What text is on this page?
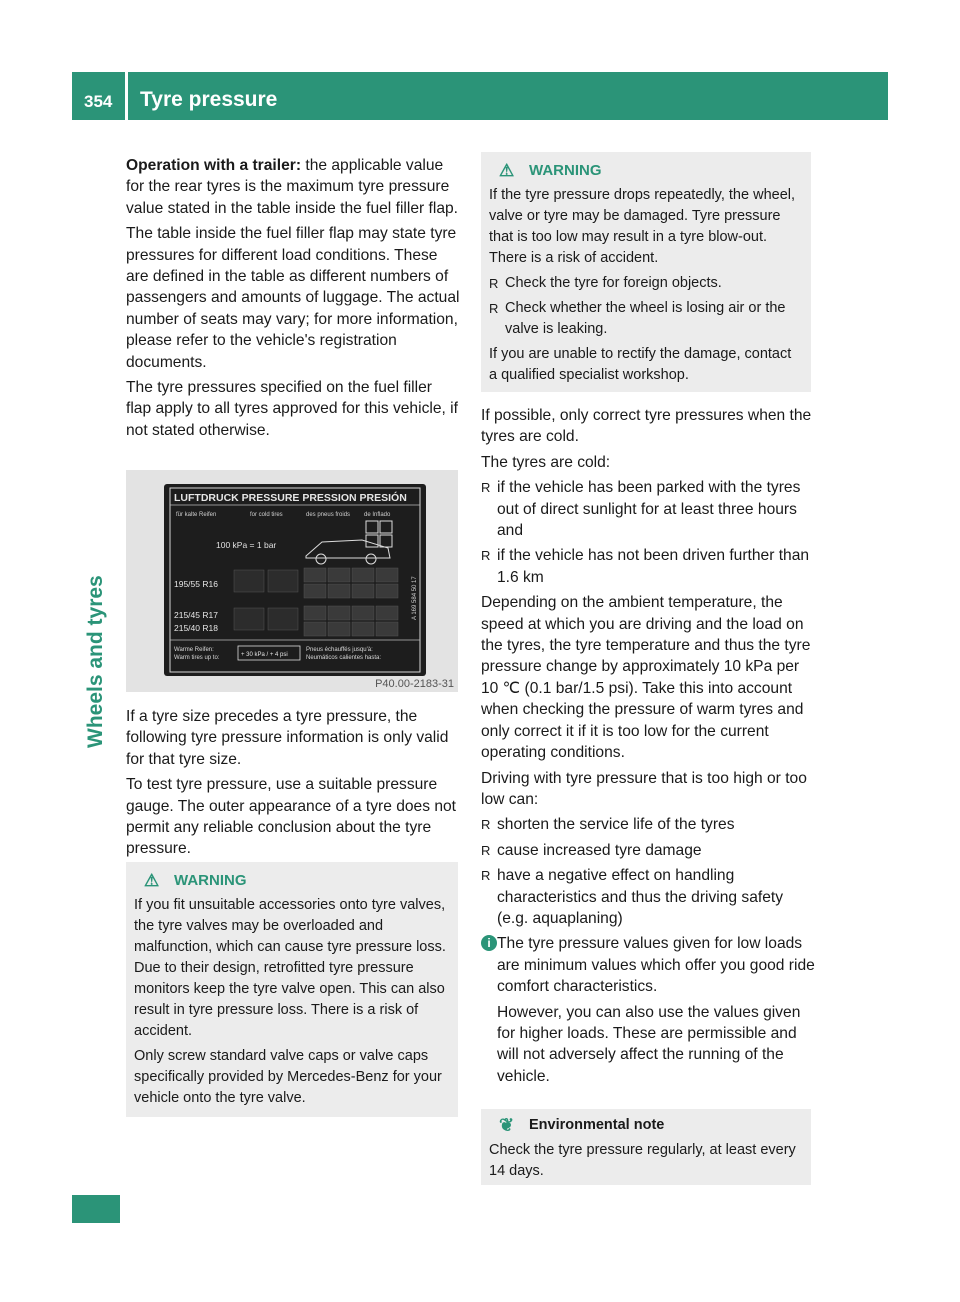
354 Tyre pressure
Wheels and tyres

Operation with a trailer: the applicable value for the rear tyres is the maximum tyre pressure value stated in the table inside the fuel filler flap.

The table inside the fuel filler flap may state tyre pressures for different load conditions. These are defined in the table as different numbers of passengers and amounts of luggage. The actual number of seats may vary; for more information, please refer to the vehicle's registration documents.

The tyre pressures specified on the fuel filler flap apply to all tyres approved for this vehicle, if not stated otherwise.

LUFTDRUCK PRESSURE PRESSION PRESIÓN
für kalte Reifen	for cold tires	des pneus froids de Inflado
100 kPa = 1 bar
195/55 R16
215/45 R17
215/40 R18
Warme Reifen:
Warm tires up to:
Pneus échauffés jusqu'à:
Neumáticos calientes hasta:
+ 30 kPa / + 4 psi
A 169 584 50 17
P40.00-2183-31

If a tyre size precedes a tyre pressure, the following tyre pressure information is only valid for that tyre size.

To test tyre pressure, use a suitable pressure gauge. The outer appearance of a tyre does not permit any reliable conclusion about the tyre pressure.

⚠ WARNING

If you fit unsuitable accessories onto tyre valves, the tyre valves may be overloaded and malfunction, which can cause tyre pressure loss. Due to their design, retrofitted tyre pressure monitors keep the tyre valve open. This can also result in tyre pressure loss. There is a risk of accident.

Only screw standard valve caps or valve caps specifically provided by Mercedes-Benz for your vehicle onto the tyre valve.

⚠ WARNING

If the tyre pressure drops repeatedly, the wheel, valve or tyre may be damaged. Tyre pressure that is too low may result in a tyre blow-out. There is a risk of accident.

R Check the tyre for foreign objects.
R Check whether the wheel is losing air or the valve is leaking.

If you are unable to rectify the damage, contact a qualified specialist workshop.

If possible, only correct tyre pressures when the tyres are cold.

The tyres are cold:

R if the vehicle has been parked with the tyres out of direct sunlight for at least three hours and
R if the vehicle has not been driven further than 1.6 km

Depending on the ambient temperature, the speed at which you are driving and the load on the tyres, the tyre temperature and thus the tyre pressure change by approximately 10 kPa per 10 ℃ (0.1 bar/1.5 psi). Take this into account when checking the pressure of warm tyres and only correct it if it is too low for the current operating conditions.

Driving with tyre pressure that is too high or too low can:

R shorten the service life of the tyres
R cause increased tyre damage
R have a negative effect on handling characteristics and thus the driving safety (e.g. aquaplaning)
i The tyre pressure values given for low loads are minimum values which offer you good ride comfort characteristics.

However, you can also use the values given for higher loads. These are permissible and will not adversely affect the running of the vehicle.

❦ Environmental note
Check the tyre pressure regularly, at least every 14 days.
